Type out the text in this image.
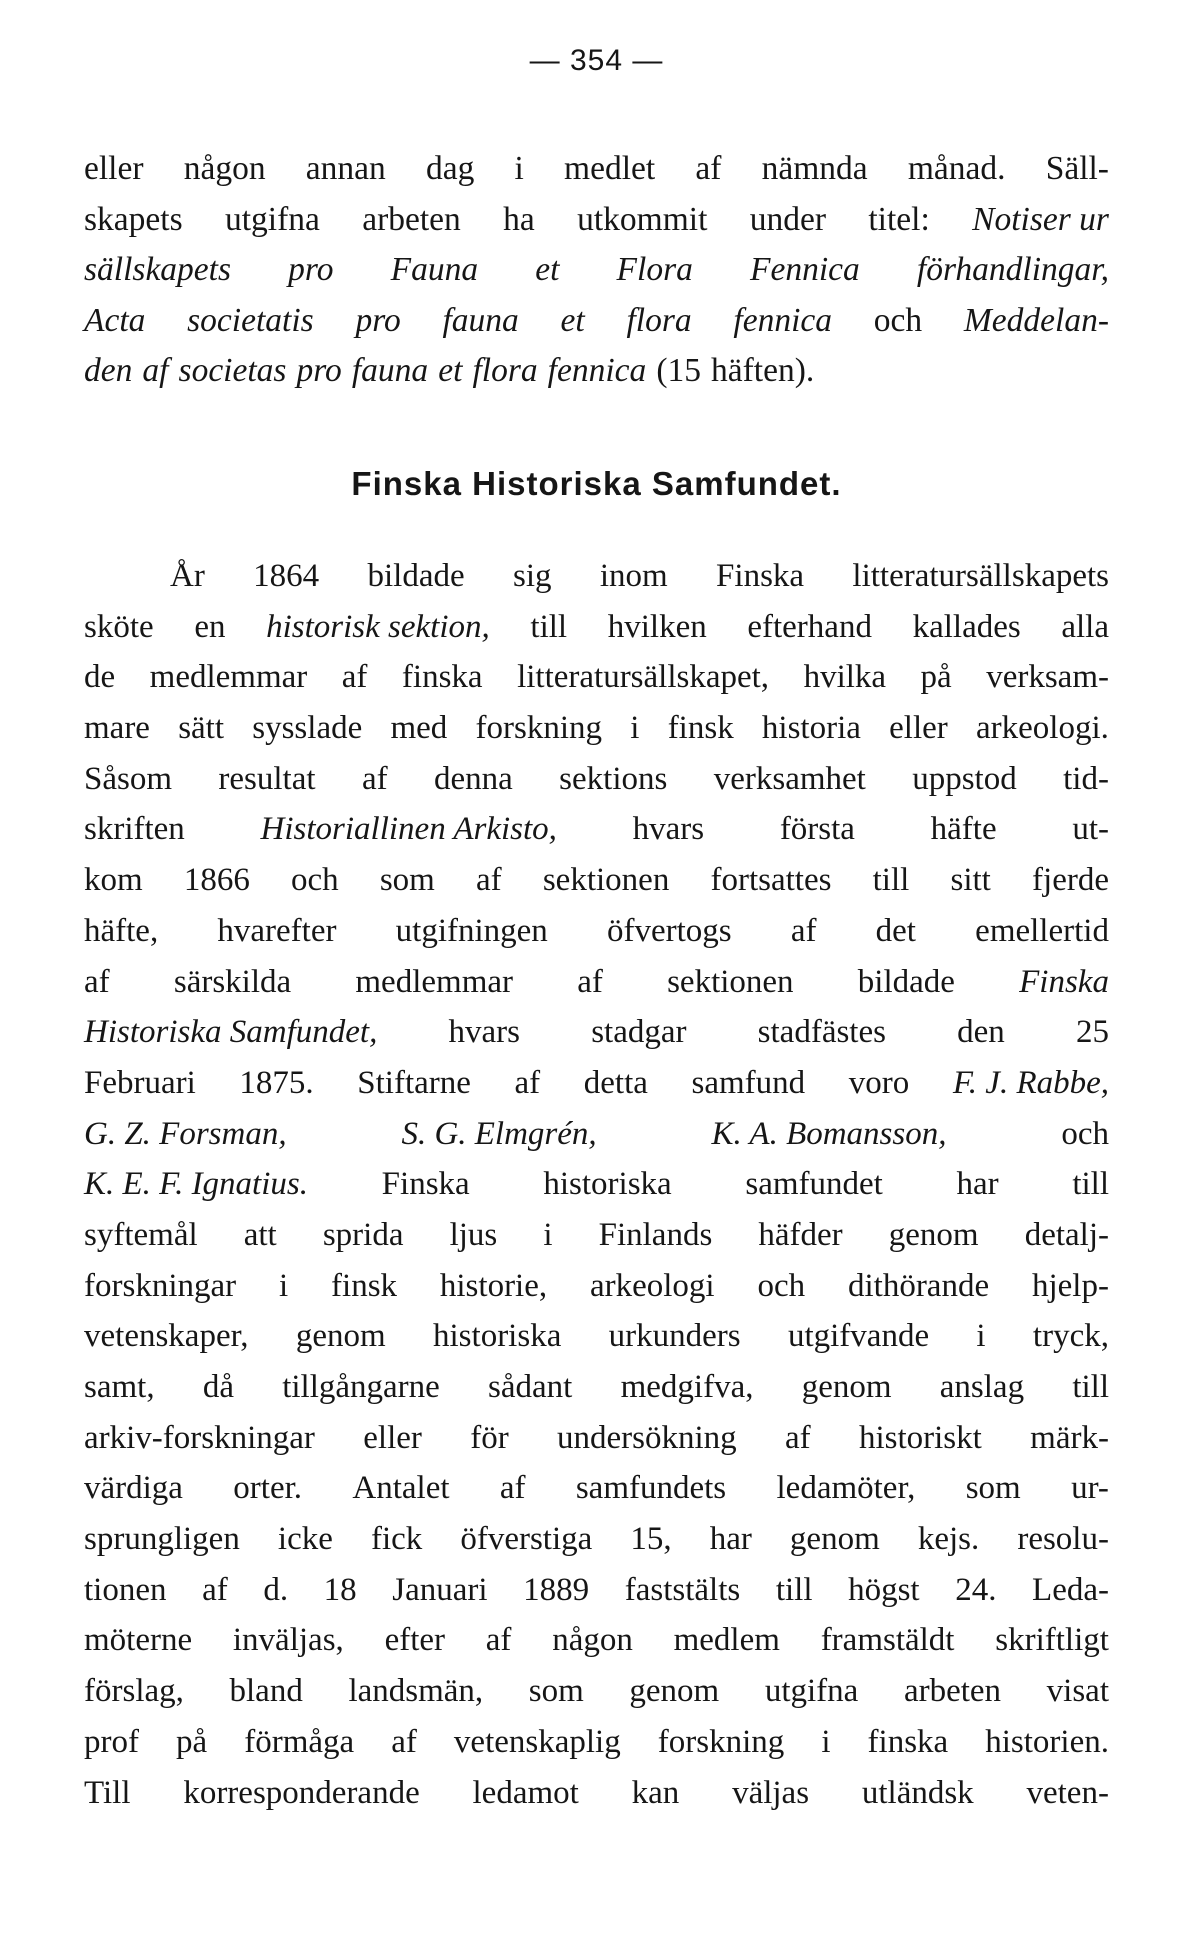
— 354 —
eller någon annan dag i medlet af nämnda månad. Säll-
skapets utgifna arbeten ha utkommit under titel: Notiser ur
sällskapets pro Fauna et Flora Fennica förhandlingar,
Acta societatis pro fauna et flora fennica och Meddelan-
den af societas pro fauna et flora fennica (15 häften).
Finska Historiska Samfundet.
År 1864 bildade sig inom Finska litteratursällskapets
sköte en historisk sektion, till hvilken efterhand kallades alla
de medlemmar af finska litteratursällskapet, hvilka på verksam-
mare sätt sysslade med forskning i finsk historia eller arkeologi.
Såsom resultat af denna sektions verksamhet uppstod tid-
skriften Historiallinen Arkisto, hvars första häfte ut-
kom 1866 och som af sektionen fortsattes till sitt fjerde
häfte, hvarefter utgifningen öfvertogs af det emellertid
af särskilda medlemmar af sektionen bildade Finska
Historiska Samfundet, hvars stadgar stadfästes den 25
Februari 1875. Stiftarne af detta samfund voro F. J. Rabbe,
G. Z. Forsman,	S. G. Elmgrén,	K. A. Bomansson,	och
K. E. F. Ignatius. Finska historiska samfundet har till
syftemål att sprida ljus i Finlands häfder genom detalj-
forskningar i finsk historie, arkeologi och dithörande hjelp-
vetenskaper, genom historiska urkunders utgifvande i tryck,
samt, då tillgångarne sådant medgifva, genom anslag till
arkiv-forskningar eller för undersökning af historiskt märk-
värdiga orter. Antalet af samfundets ledamöter, som ur-
sprungligen icke fick öfverstiga 15, har genom kejs. resolu-
tionen af d. 18 Januari 1889 faststälts till högst 24. Leda-
möterne inväljas, efter af någon medlem framstäldt skriftligt
förslag, bland landsmän, som genom utgifna arbeten visat
prof på förmåga af vetenskaplig forskning i finska historien.
Till korresponderande ledamot kan väljas utländsk veten-
